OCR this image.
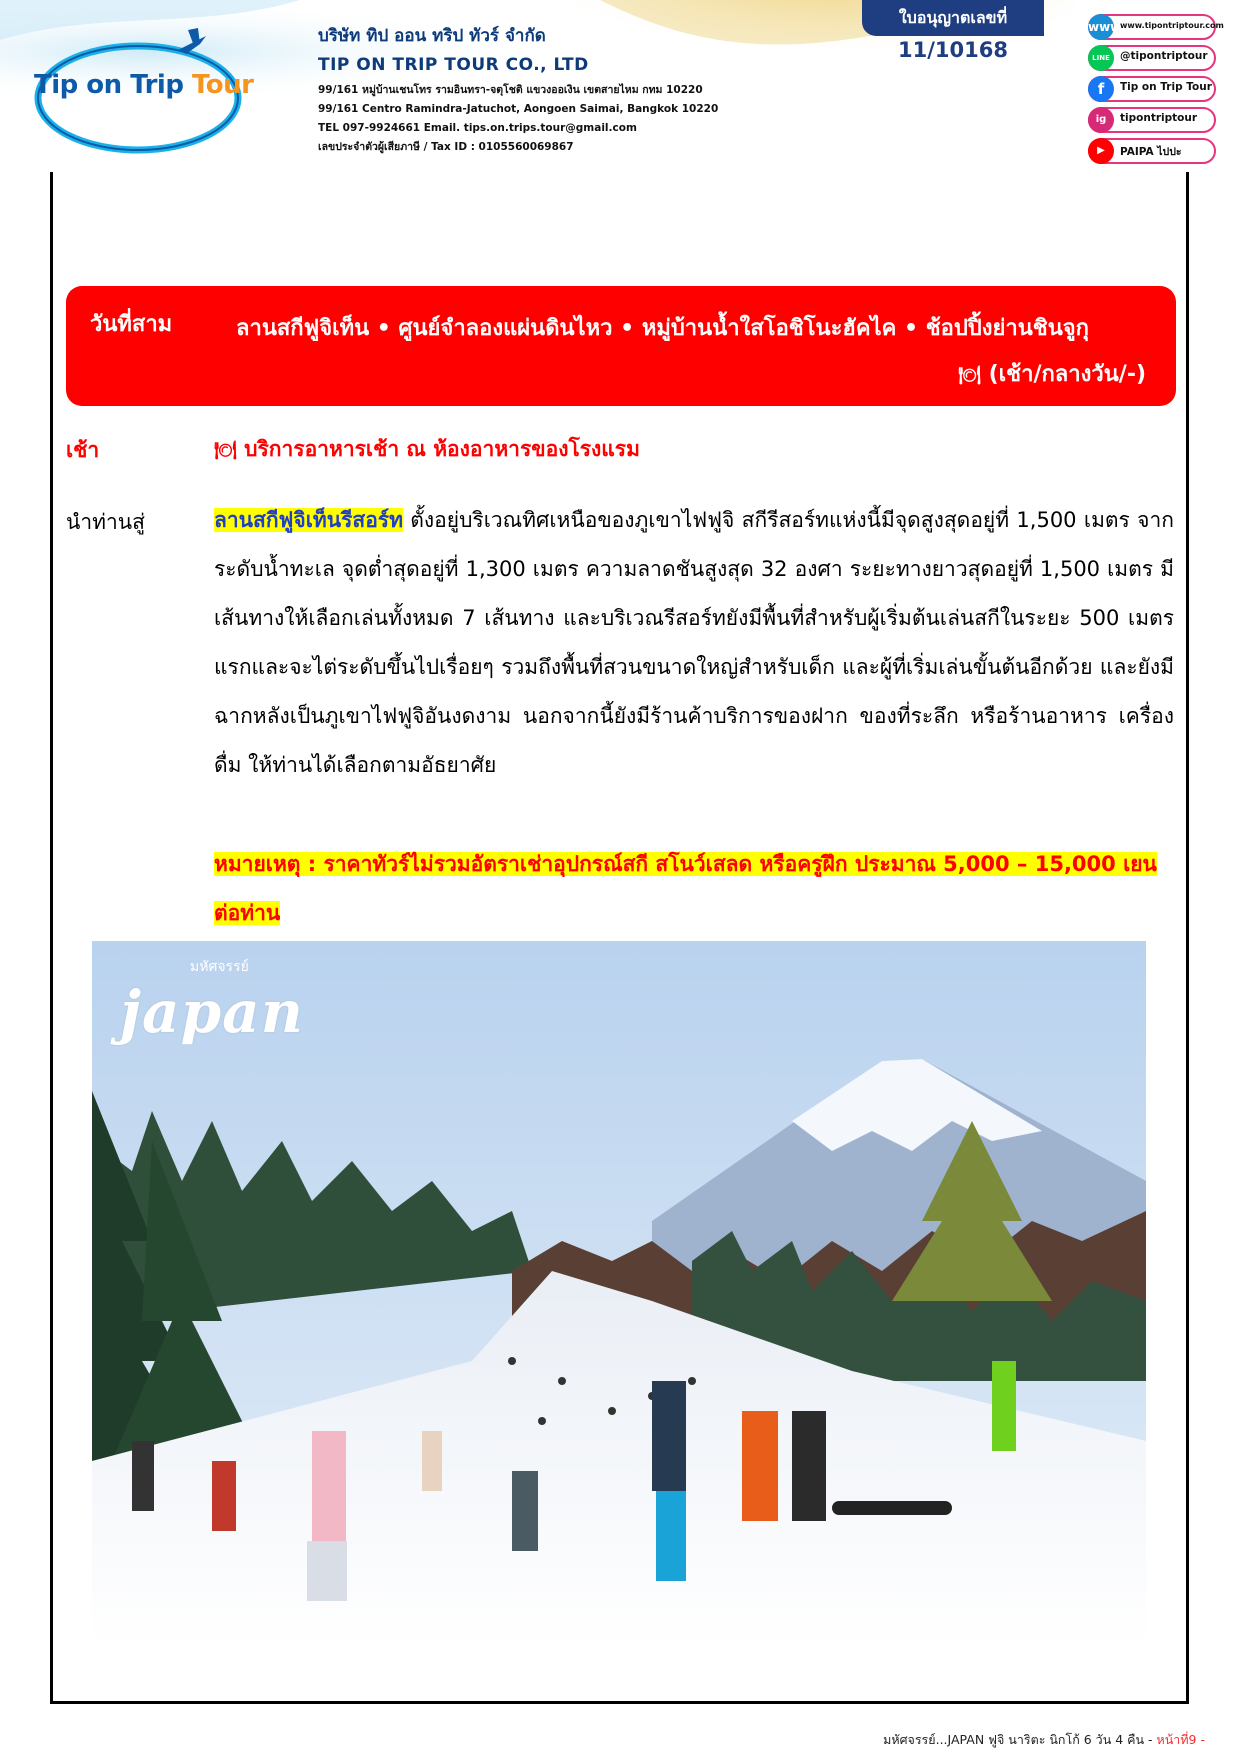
Tip on Trip Tour
บริษัท ทิป ออน ทริป ทัวร์ จำกัด
TIP ON TRIP TOUR CO., LTD
99/161 หมู่บ้านเชนโทร รามอินทรา-จตุโชติ แขวงออเงิน เขตสายไหม กทม 10220
99/161 Centro Ramindra-Jatuchot, Aongoen Saimai, Bangkok 10220
TEL 097-9924661 Email. tips.on.trips.tour@gmail.com
เลขประจำตัวผู้เสียภาษี / Tax ID : 0105560069867
ใบอนุญาตเลขที่
11/10168
www
www.tipontriptour.com
LINE @tipontriptour
f	Tip on Trip Tour
ig	tipontriptour
▶	PAIPA ไปปะ
วันที่สาม	ลานสกีฟูจิเท็น • ศูนย์จำลองแผ่นดินไหว • หมู่บ้านน้ำใสโอชิโนะฮัคไค • ช้อปปิ้งย่านชินจูกุ
🍽 (เช้า/กลางวัน/-)
เช้า	🍽 บริการอาหารเช้า ณ ห้องอาหารของโรงแรม
นำท่านสู่	ลานสกีฟูจิเท็นรีสอร์ท ตั้งอยู่บริเวณทิศเหนือของภูเขาไฟฟูจิ สกีรีสอร์ทแห่งนี้มีจุดสูงสุดอยู่ที่ 1,500 เมตร จากระดับน้ำทะเล จุดต่ำสุดอยู่ที่ 1,300 เมตร ความลาดชันสูงสุด 32 องศา ระยะทางยาวสุดอยู่ที่ 1,500 เมตร มีเส้นทางให้เลือกเล่นทั้งหมด 7 เส้นทาง และบริเวณรีสอร์ทยังมีพื้นที่สำหรับผู้เริ่มต้นเล่นสกีในระยะ 500 เมตรแรกและจะไต่ระดับขึ้นไปเรื่อยๆ รวมถึงพื้นที่สวนขนาดใหญ่สำหรับเด็ก และผู้ที่เริ่มเล่นขั้นต้นอีกด้วย และยังมีฉากหลังเป็นภูเขาไฟฟูจิอันงดงาม นอกจากนี้ยังมีร้านค้าบริการของฝาก ของที่ระลึก หรือร้านอาหาร เครื่องดื่ม ให้ท่านได้เลือกตามอัธยาศัย
หมายเหตุ : ราคาทัวร์ไม่รวมอัตราเช่าอุปกรณ์สกี สโนว์เสลด หรือครูฝึก ประมาณ 5,000 – 15,000 เยนต่อท่าน
มหัศจรรย์
japan
มหัศจรรย์...JAPAN ฟูจิ นาริตะ นิกโก้ 6 วัน 4 คืน - หน้าที่9 -
